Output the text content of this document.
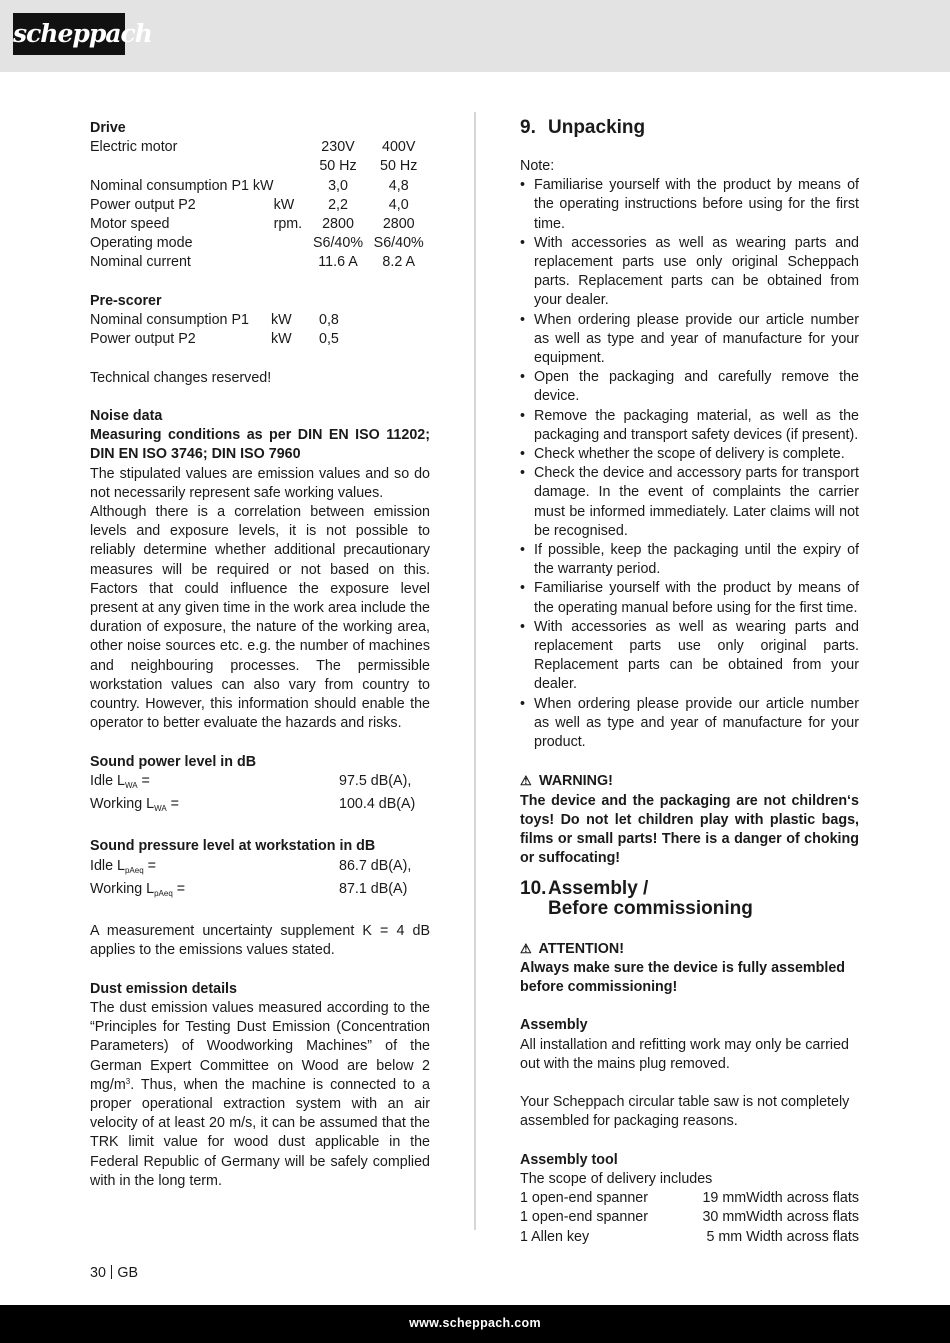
scheppach
Drive
Electric motor		230V	400V
		50 Hz	50 Hz
Nominal consumption P1 kW		3,0	4,8
Power output P2	kW	2,2	4,0
Motor speed	rpm.	2800	2800
Operating mode		S6/40%	S6/40%
Nominal current		11.6 A	8.2 A
Pre-scorer
Nominal consumption P1	kW	0,8
Power output P2	kW	0,5
Technical changes reserved!
Noise data
Measuring conditions as per DIN EN ISO 11202; DIN EN ISO 3746; DIN ISO 7960
The stipulated values are emission values and so do not necessarily represent safe working values.
Although there is a correlation between emission levels and exposure levels, it is not possible to reliably determine whether additional precautionary measures will be required or not based on this. Factors that could influence the exposure level present at any given time in the work area include the duration of exposure, the nature of the working area, other noise sources etc. e.g. the number of machines and neighbouring processes. The permissible workstation values can also vary from country to country. However, this information should enable the operator to better evaluate the hazards and risks.
Sound power level in dB
Idle $L_{WA}$ =	97.5 dB(A),
Working $L_{WA}$ =	100.4 dB(A)
Sound pressure level at workstation in dB
Idle $L_{pAeq}$ =	86.7 dB(A),
Working $L_{pAeq}$ =	87.1 dB(A)
A measurement uncertainty supplement K = 4 dB applies to the emissions values stated.
Dust emission details
The dust emission values measured according to the “Principles for Testing Dust Emission (Concentration Parameters) of Woodworking Machines” of the German Expert Committee on Wood are below 2 $mg/m^3$. Thus, when the machine is connected to a proper operational extraction system with an air velocity of at least 20 m/s, it can be assumed that the TRK limit value for wood dust applicable in the Federal Republic of Germany will be safely complied with in the long term.
9. Unpacking
Note:
• Familiarise yourself with the product by means of the operating instructions before using for the first time.
• With accessories as well as wearing parts and replacement parts use only original Scheppach parts. Replacement parts can be obtained from your dealer.
• When ordering please provide our article number as well as type and year of manufacture for your equipment.
• Open the packaging and carefully remove the device.
• Remove the packaging material, as well as the packaging and transport safety devices (if present).
• Check whether the scope of delivery is complete.
• Check the device and accessory parts for transport damage. In the event of complaints the carrier must be informed immediately. Later claims will not be recognised.
• If possible, keep the packaging until the expiry of the warranty period.
• Familiarise yourself with the product by means of the operating manual before using for the first time.
• With accessories as well as wearing parts and replacement parts use only original parts. Replacement parts can be obtained from your dealer.
• When ordering please provide our article number as well as type and year of manufacture for your product.
⚠ WARNING!
The device and the packaging are not children‘s toys! Do not let children play with plastic bags, films or small parts! There is a danger of choking or suffocating!
10.Assembly /
Before commissioning
⚠ ATTENTION!
Always make sure the device is fully assembled before commissioning!
Assembly
All installation and refitting work may only be carried out with the mains plug removed.
Your Scheppach circular table saw is not completely assembled for packaging reasons.
Assembly tool
The scope of delivery includes
1 open-end spanner	19 mmWidth across flats
1 open-end spanner	30 mmWidth across flats
1 Allen key	5 mm Width across flats
30 GB
www.scheppach.com
